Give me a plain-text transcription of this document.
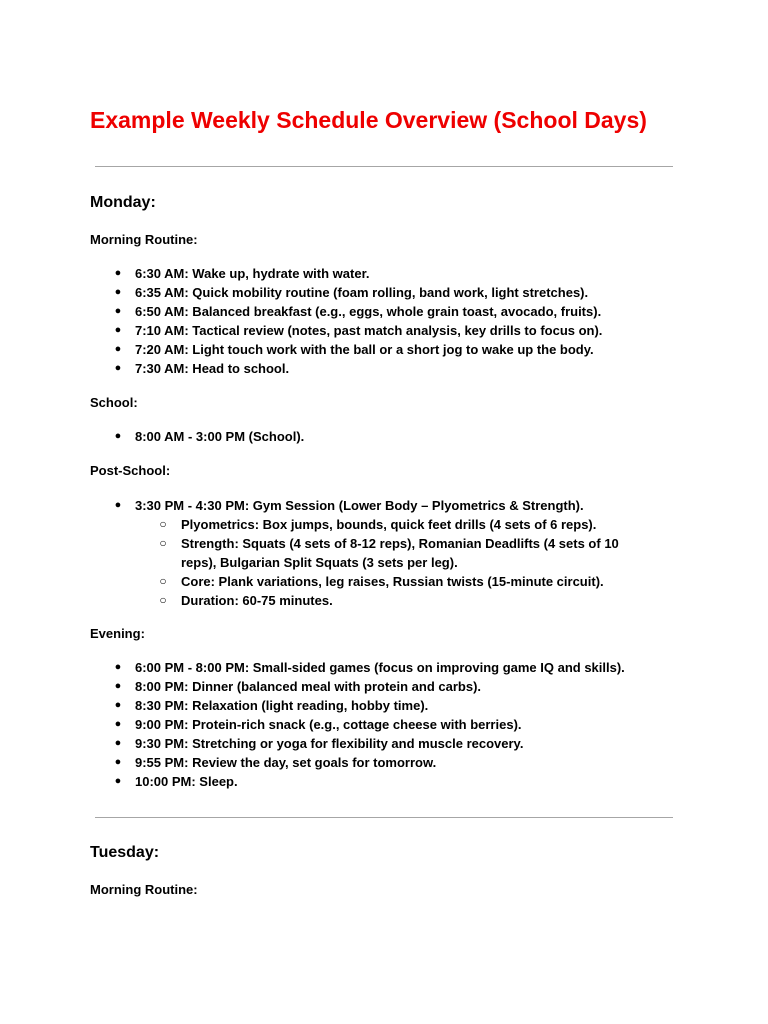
Example Weekly Schedule Overview (School Days)
Monday:
Morning Routine:
● 6:30 AM: Wake up, hydrate with water.
● 6:35 AM: Quick mobility routine (foam rolling, band work, light stretches).
● 6:50 AM: Balanced breakfast (e.g., eggs, whole grain toast, avocado, fruits).
● 7:10 AM: Tactical review (notes, past match analysis, key drills to focus on).
● 7:20 AM: Light touch work with the ball or a short jog to wake up the body.
● 7:30 AM: Head to school.
School:
● 8:00 AM - 3:00 PM (School).
Post-School:
● 3:30 PM - 4:30 PM: Gym Session (Lower Body – Plyometrics & Strength).
○ Plyometrics: Box jumps, bounds, quick feet drills (4 sets of 6 reps).
○ Strength: Squats (4 sets of 8-12 reps), Romanian Deadlifts (4 sets of 10 reps), Bulgarian Split Squats (3 sets per leg).
○ Core: Plank variations, leg raises, Russian twists (15-minute circuit).
○ Duration: 60-75 minutes.
Evening:
● 6:00 PM - 8:00 PM: Small-sided games (focus on improving game IQ and skills).
● 8:00 PM: Dinner (balanced meal with protein and carbs).
● 8:30 PM: Relaxation (light reading, hobby time).
● 9:00 PM: Protein-rich snack (e.g., cottage cheese with berries).
● 9:30 PM: Stretching or yoga for flexibility and muscle recovery.
● 9:55 PM: Review the day, set goals for tomorrow.
● 10:00 PM: Sleep.
Tuesday:
Morning Routine:
